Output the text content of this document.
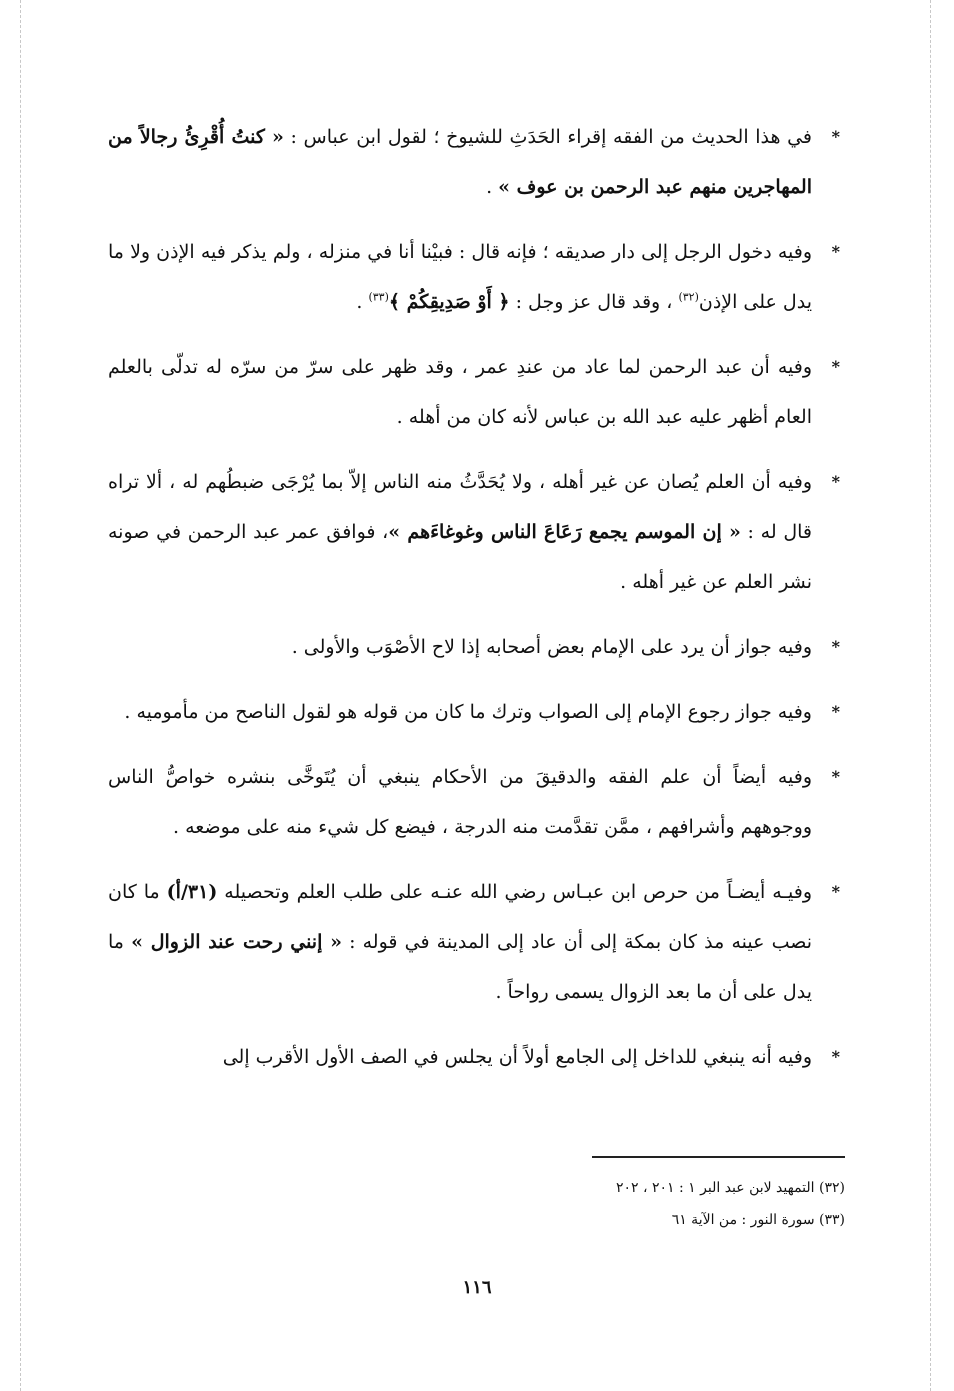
*
في هذا الحديث من الفقه إقراء الحَدَثِ للشيوخ ؛ لقول ابن عباس : « كنتُ أُقْرِئُ رجالاً من المهاجرين منهم عبد الرحمن بن عوف » .

*
وفيه دخول الرجل إلى دار صديقه ؛ فإنه قال : فبيْنا أنا في منزله ، ولم يذكر فيه الإذن ولا ما يدل على الإذن$^{(٣٢)}$ ، وقد قال عز وجل : ﴿ أَوْ صَدِيقِكُمْ ﴾$^{(٣٣)}$ .

*
وفيه أن عبد الرحمن لما عاد من عندِ عمر ، وقد ظهر على سرّ من سرّه له تدلّى بالعلم العام أظهر عليه عبد الله بن عباس لأنه كان من أهله .

*
وفيه أن العلم يُصان عن غير أهله ، ولا يُحَدَّثُ منه الناس إلاّ بما يُرْجَى ضبطُهم له ، ألا تراه قال له : « إن الموسم يجمع رَعَاعَ الناس وغوغاءَهم »، فوافق عمر عبد الرحمن في صونه نشر العلم عن غير أهله .

*
وفيه جواز أن يرد على الإمام بعض أصحابه إذا لاح الأصْوَب والأولى .

*
وفيه جواز رجوع الإمام إلى الصواب وترك ما كان من قوله هو لقول الناصح من مأموميه .

*
وفيه أيضاً أن علم الفقه والدقيقَ من الأحكام ينبغي أن يُتَوخَّى بنشره خواصُّ الناس ووجوههم وأشرافهم ، ممَّن تقدَّمت منه الدرجة ، فيضع كل شيء منه على موضعه .

*
وفيـه أيضـاً من حرص ابن عبـاس رضي الله عنـه على طلب العلم وتحصيله (٣١/أ) ما كان نصب عينه مذ كان بمكة إلى أن عاد إلى المدينة في قوله : « إنني رحت عند الزوال » ما يدل على أن ما بعد الزوال يسمى رواحاً .

*
وفيه أنه ينبغي للداخل إلى الجامع أولاً أن يجلس في الصف الأول الأقرب إلى

(٣٢) التمهيد لابن عبد البر ١ : ٢٠١ ، ٢٠٢

(٣٣) سورة النور : من الآية ٦١

١١٦
